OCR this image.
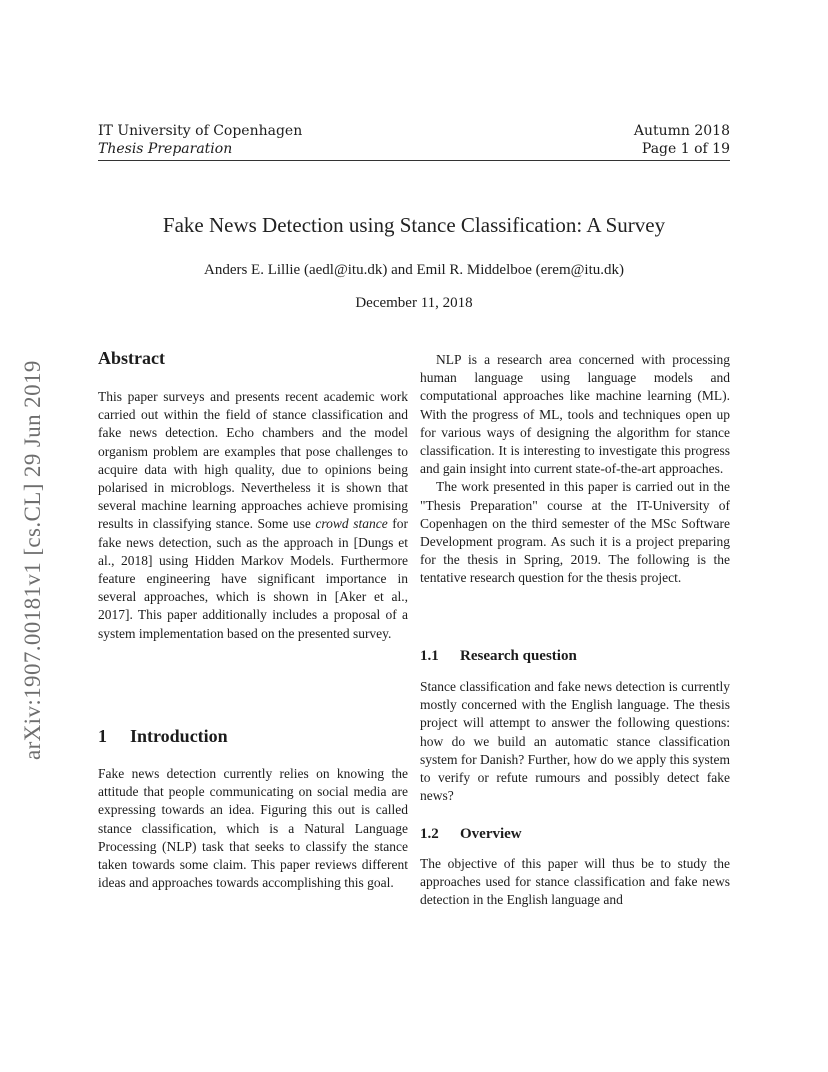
IT University of Copenhagen
Thesis Preparation
Autumn 2018
Page 1 of 19
arXiv:1907.00181v1 [cs.CL] 29 Jun 2019
Fake News Detection using Stance Classification: A Survey
Anders E. Lillie (aedl@itu.dk) and Emil R. Middelboe (erem@itu.dk)
December 11, 2018
Abstract

This paper surveys and presents recent academic work carried out within the field of stance classification and fake news detection. Echo chambers and the model organism problem are examples that pose challenges to acquire data with high quality, due to opinions being polarised in microblogs. Nevertheless it is shown that several machine learning approaches achieve promising results in classifying stance. Some use crowd stance for fake news detection, such as the approach in [Dungs et al., 2018] using Hidden Markov Models. Furthermore feature engineering have significant importance in several approaches, which is shown in [Aker et al., 2017]. This paper additionally includes a proposal of a system implementation based on the presented survey.

1 Introduction

Fake news detection currently relies on knowing the attitude that people communicating on social media are expressing towards an idea. Figuring this out is called stance classification, which is a Natural Language Processing (NLP) task that seeks to classify the stance taken towards some claim. This paper reviews different ideas and approaches towards accomplishing this goal.

NLP is a research area concerned with processing human language using language models and computational approaches like machine learning (ML). With the progress of ML, tools and techniques open up for various ways of designing the algorithm for stance classification. It is interesting to investigate this progress and gain insight into current state-of-the-art approaches.

The work presented in this paper is carried out in the "Thesis Preparation" course at the IT-University of Copenhagen on the third semester of the MSc Software Development program. As such it is a project preparing for the thesis in Spring, 2019. The following is the tentative research question for the thesis project.

1.1 Research question

Stance classification and fake news detection is currently mostly concerned with the English language. The thesis project will attempt to answer the following questions: how do we build an automatic stance classification system for Danish? Further, how do we apply this system to verify or refute rumours and possibly detect fake news?

1.2 Overview

The objective of this paper will thus be to study the approaches used for stance classification and fake news detection in the English language and
